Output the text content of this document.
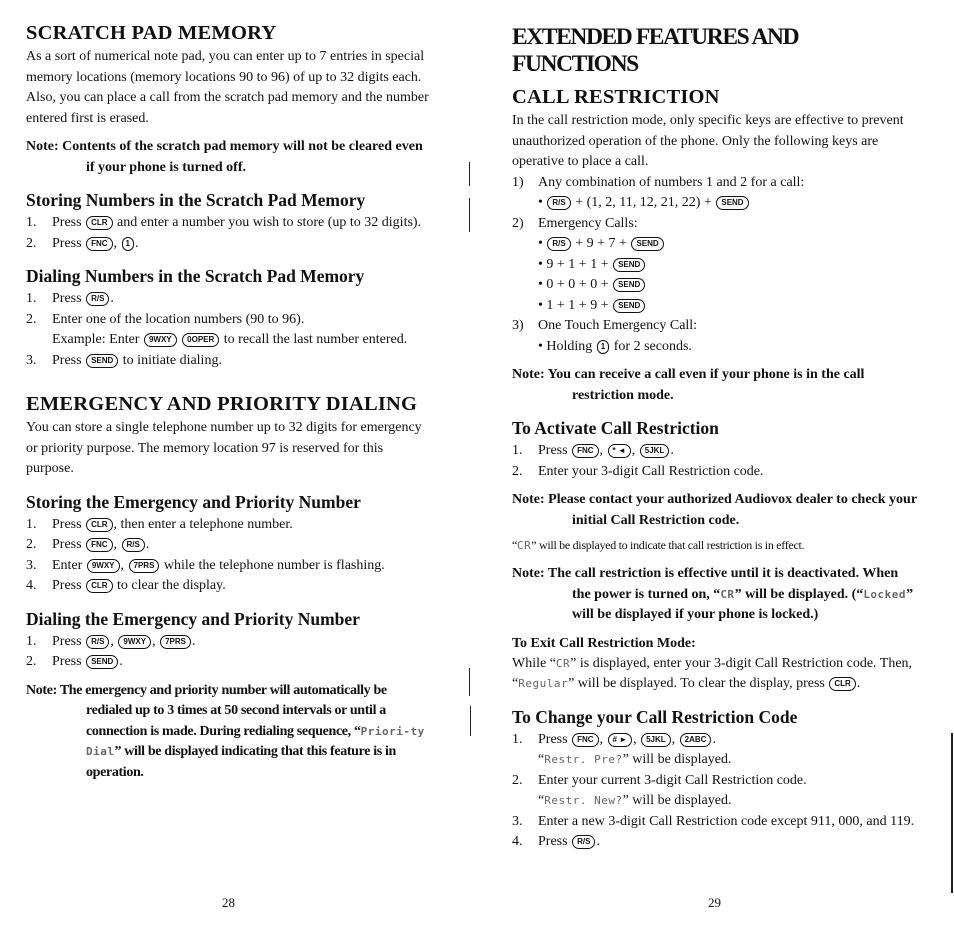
SCRATCH PAD MEMORY

As a sort of numerical note pad, you can enter up to 7 entries in special memory locations (memory locations 90 to 96) of up to 32 digits each. Also, you can place a call from the scratch pad memory and the number entered first is erased.

Note: Contents of the scratch pad memory will not be cleared even if your phone is turned off.
Storing Numbers in the Scratch Pad Memory
1. Press CLR and enter a number you wish to store (up to 32 digits).
2. Press FNC , 1 .
Dialing Numbers in the Scratch Pad Memory
1. Press R/S .
2. Enter one of the location numbers (90 to 96).
Example: Enter 9WXY 0OPER to recall the last number entered.
3. Press SEND to initiate dialing.
EMERGENCY AND PRIORITY DIALING

You can store a single telephone number up to 32 digits for emergency or priority purpose. The memory location 97 is reserved for this purpose.

Storing the Emergency and Priority Number
1. Press CLR , then enter a telephone number.
2. Press FNC , R/S .
3. Enter 9WXY , 7PRS while the telephone number is flashing.
4. Press CLR to clear the display.
Dialing the Emergency and Priority Number
1. Press R/S , 9WXY , 7PRS .
2. Press SEND .
Note: The emergency and priority number will automatically be redialed up to 3 times at 50 second intervals or until a connection is made. During redialing sequence, “Priori-ty Dial” will be displayed indicating that this feature is in operation.
28
EXTENDED FEATURES AND FUNCTIONS
CALL RESTRICTION

In the call restriction mode, only specific keys are effective to prevent unauthorized operation of the phone. Only the following keys are operative to place a call.

1) Any combination of numbers 1 and 2 for a call:
• R/S + (1, 2, 11, 12, 21, 22) + SEND
2) Emergency Calls:
• R/S + 9 + 7 + SEND
• 9 + 1 + 1 + SEND
• 0 + 0 + 0 + SEND
• 1 + 1 + 9 + SEND
3) One Touch Emergency Call:
• Holding 1 for 2 seconds.
Note: You can receive a call even if your phone is in the call restriction mode.
To Activate Call Restriction
1. Press FNC , * ◄ , 5JKL .
2. Enter your 3-digit Call Restriction code.
Note: Please contact your authorized Audiovox dealer to check your initial Call Restriction code.

“CR” will be displayed to indicate that call restriction is in effect.

Note: The call restriction is effective until it is deactivated. When the power is turned on, “CR” will be displayed. (“Locked” will be displayed if your phone is locked.)
To Exit Call Restriction Mode:

While “CR” is displayed, enter your 3-digit Call Restriction code. Then, “Regular” will be displayed. To clear the display, press CLR .

To Change your Call Restriction Code
1. Press FNC , # ► , 5JKL , 2ABC .
“Restr. Pre?” will be displayed.
2. Enter your current 3-digit Call Restriction code.
“Restr. New?” will be displayed.
3. Enter a new 3-digit Call Restriction code except 911, 000, and 119.
4. Press R/S .
29
